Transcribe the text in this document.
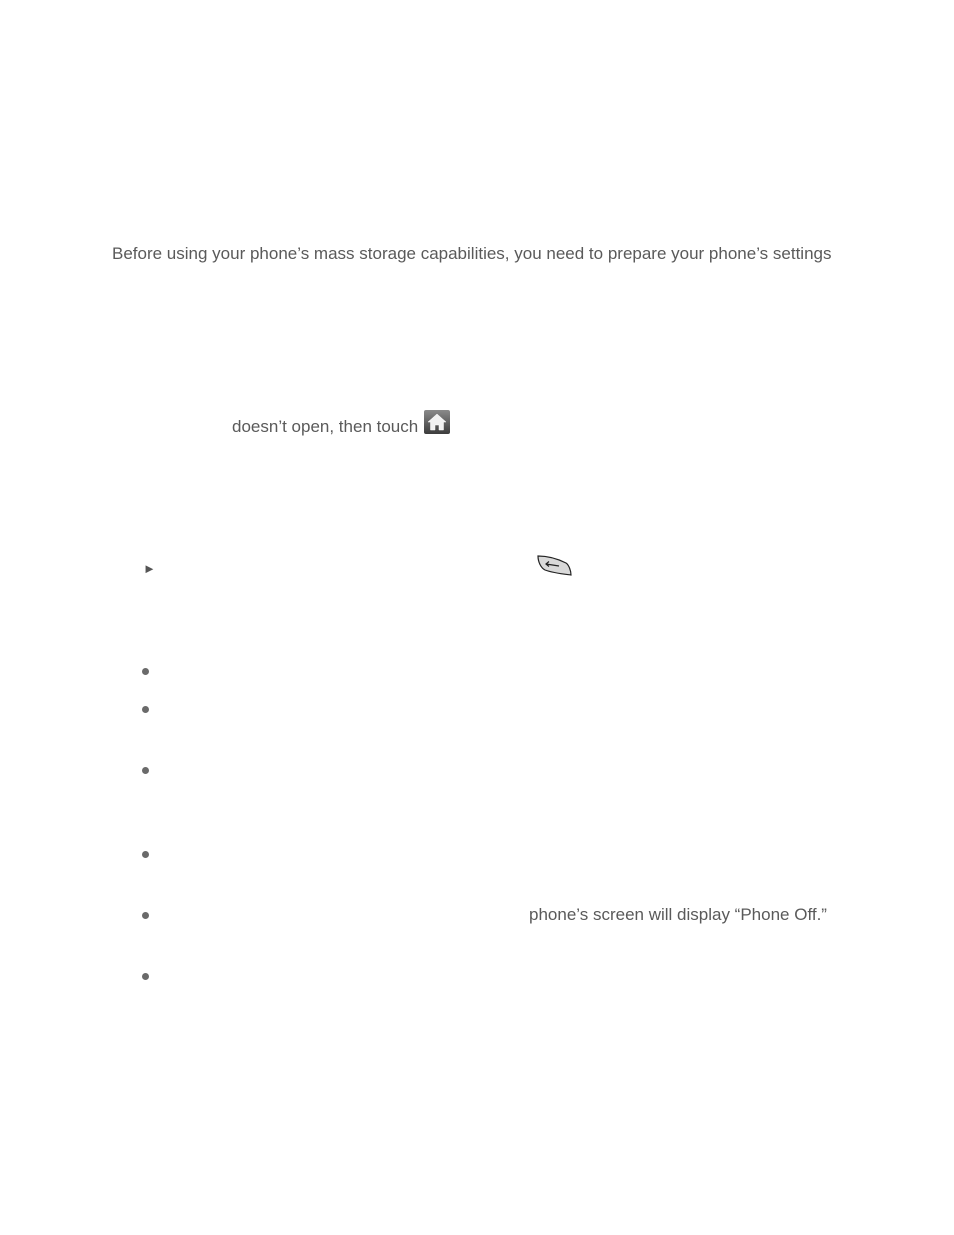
Before using your phone’s mass storage capabilities, you need to prepare your phone’s settings
doesn’t open, then touch
►
phone’s screen will display “Phone Off.”
